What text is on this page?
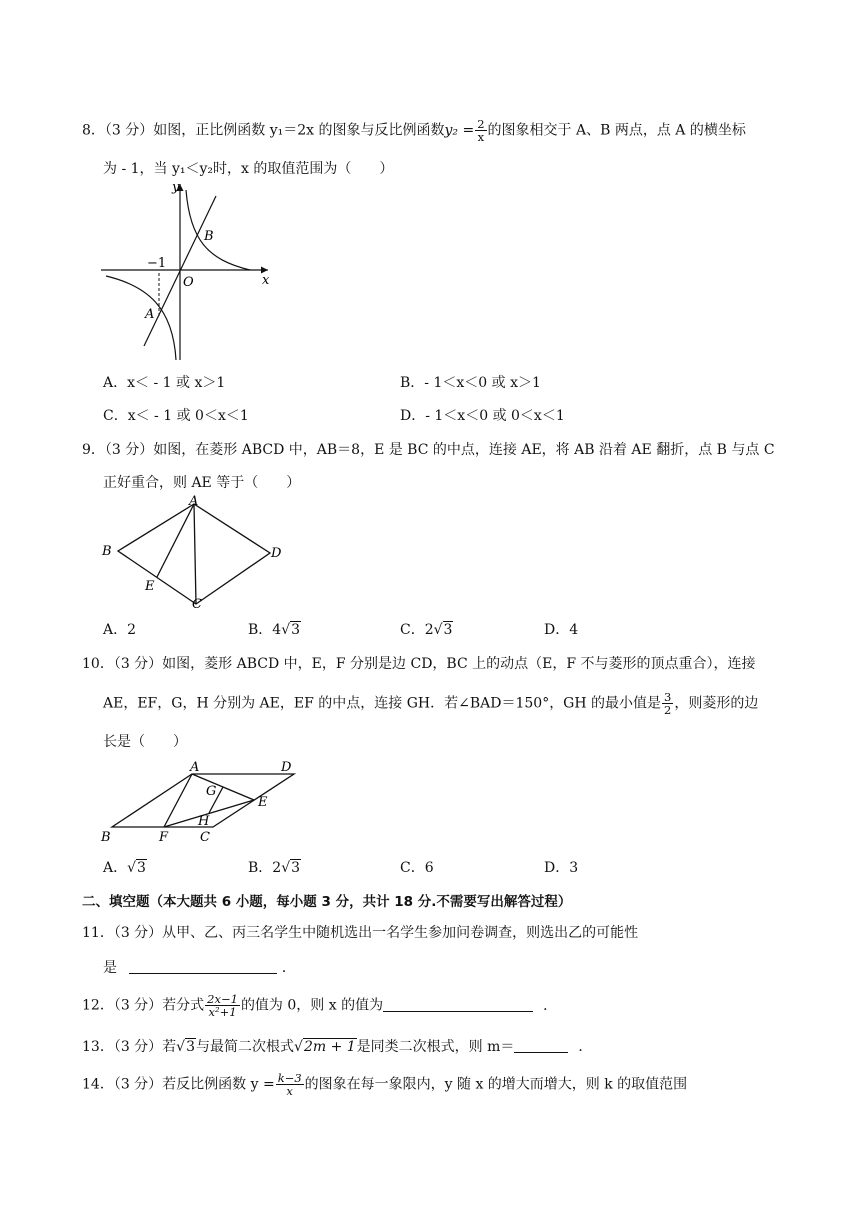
8．（3 分）如图，正比例函数 y₁＝2x 的图象与反比例函数$y_2 = \frac{2}{x}$ 的图象相交于 A、B 两点，点 A 的横坐标
为 - 1，当 y₁＜y₂时，x 的取值范围为（　　）
y
x
O
−1
A
B
A．x＜ - 1 或 x＞1	B．- 1＜x＜0 或 x＞1
C．x＜ - 1 或 0＜x＜1	D．- 1＜x＜0 或 0＜x＜1
9．（3 分）如图，在菱形 ABCD 中，AB＝8，E 是 BC 的中点，连接 AE，将 AB 沿着 AE 翻折，点 B 与点 C
正好重合，则 AE 等于（　　）
A
B
C
D
E
A．2	B．4√3	C．2√3	D．4
10．（3 分）如图，菱形 ABCD 中，E，F 分别是边 CD，BC 上的动点（E，F 不与菱形的顶点重合），连接
AE，EF，G，H 分别为 AE，EF 的中点，连接 GH．若∠BAD＝150°，GH 的最小值是 $\frac{3}{2}$ ，则菱形的边
长是（　　）
A	D
B	F C
E
G
H
A．√3	B．2√3	C．6	D．3
二、填空题（本大题共 6 小题，每小题 3 分，共计 18 分.不需要写出解答过程）
11．（3 分）从甲、乙、丙三名学生中随机选出一名学生参加问卷调查，则选出乙的可能性
是	．
12．（3 分）若分式 $\frac{2x-1}{\text{x²+1}}$ 的值为 0，则 x 的值为	．
13．（3 分）若√3与最简二次根式√2m + 1是同类二次根式，则 m＝	．
14．（3 分）若反比例函数 $y = \frac{k-3}{x}$ 的图象在每一象限内，y 随 x 的增大而增大，则 k 的取值范围
